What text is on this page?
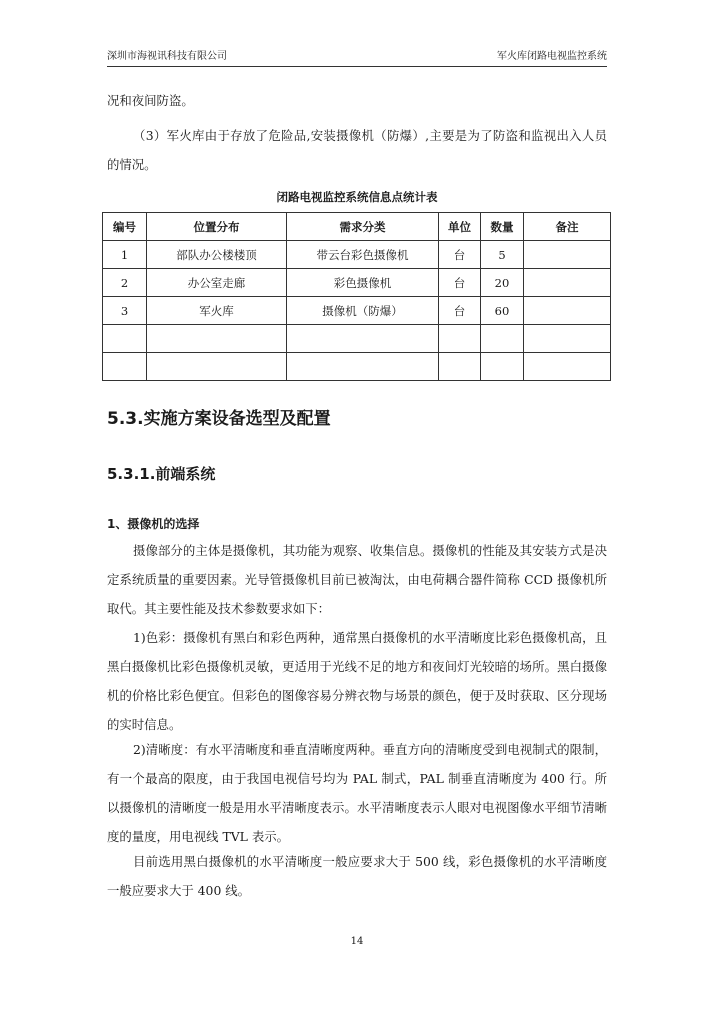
深圳市海视讯科技有限公司	军火库闭路电视监控系统

况和夜间防盗。

（3）军火库由于存放了危险品,安装摄像机（防爆）,主要是为了防盗和监视出入人员的情况。

闭路电视监控系统信息点统计表
编号	位置分布	需求分类	单位	数量	备注
1	部队办公楼楼顶	带云台彩色摄像机	台	5	
2	办公室走廊	彩色摄像机	台	20	
3	军火库	摄像机（防爆）	台	60	

5.3.实施方案设备选型及配置
5.3.1.前端系统
1、摄像机的选择

摄像部分的主体是摄像机，其功能为观察、收集信息。摄像机的性能及其安装方式是决定系统质量的重要因素。光导管摄像机目前已被淘汰，由电荷耦合器件简称 CCD 摄像机所取代。其主要性能及技术参数要求如下：

1)色彩：摄像机有黑白和彩色两种，通常黑白摄像机的水平清晰度比彩色摄像机高，且黑白摄像机比彩色摄像机灵敏，更适用于光线不足的地方和夜间灯光较暗的场所。黑白摄像机的价格比彩色便宜。但彩色的图像容易分辨衣物与场景的颜色，便于及时获取、区分现场的实时信息。

2)清晰度：有水平清晰度和垂直清晰度两种。垂直方向的清晰度受到电视制式的限制，有一个最高的限度，由于我国电视信号均为 PAL 制式，PAL 制垂直清晰度为 400 行。所以摄像机的清晰度一般是用水平清晰度表示。水平清晰度表示人眼对电视图像水平细节清晰度的量度，用电视线 TVL 表示。

目前选用黑白摄像机的水平清晰度一般应要求大于 500 线，彩色摄像机的水平清晰度一般应要求大于 400 线。

14
